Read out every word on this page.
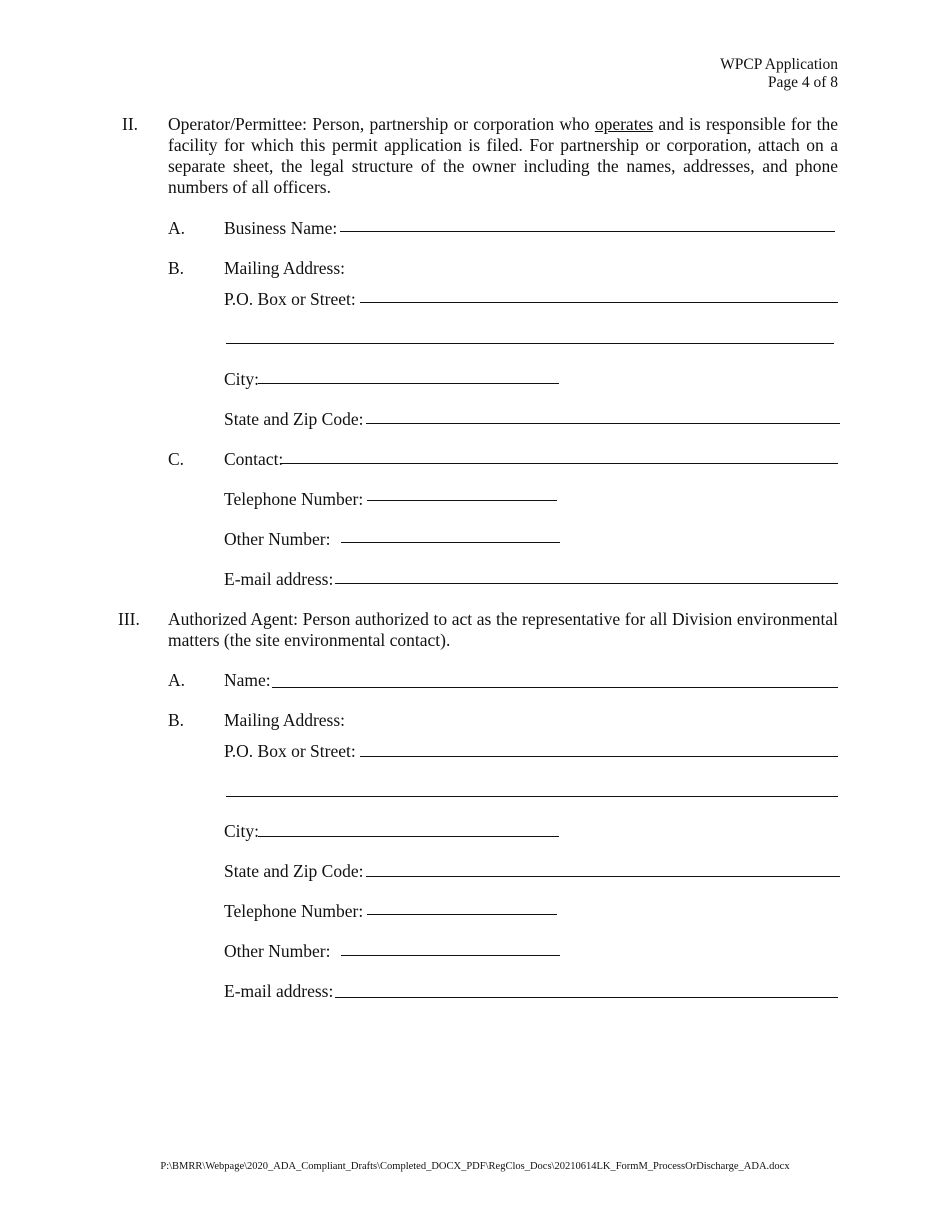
WPCP Application
Page 4 of 8
II. Operator/Permittee: Person, partnership or corporation who operates and is responsible for the facility for which this permit application is filed. For partnership or corporation, attach on a separate sheet, the legal structure of the owner including the names, addresses, and phone numbers of all officers.
A. Business Name:
B. Mailing Address:
P.O. Box or Street:
City:
State and Zip Code:
C. Contact:
Telephone Number:
Other Number:
E-mail address:
III. Authorized Agent: Person authorized to act as the representative for all Division environmental matters (the site environmental contact).
A. Name:
B. Mailing Address:
P.O. Box or Street:
City:
State and Zip Code:
Telephone Number:
Other Number:
E-mail address:
P:\BMRR\Webpage\2020_ADA_Compliant_Drafts\Completed_DOCX_PDF\RegClos_Docs\20210614LK_FormM_ProcessOrDischarge_ADA.docx
